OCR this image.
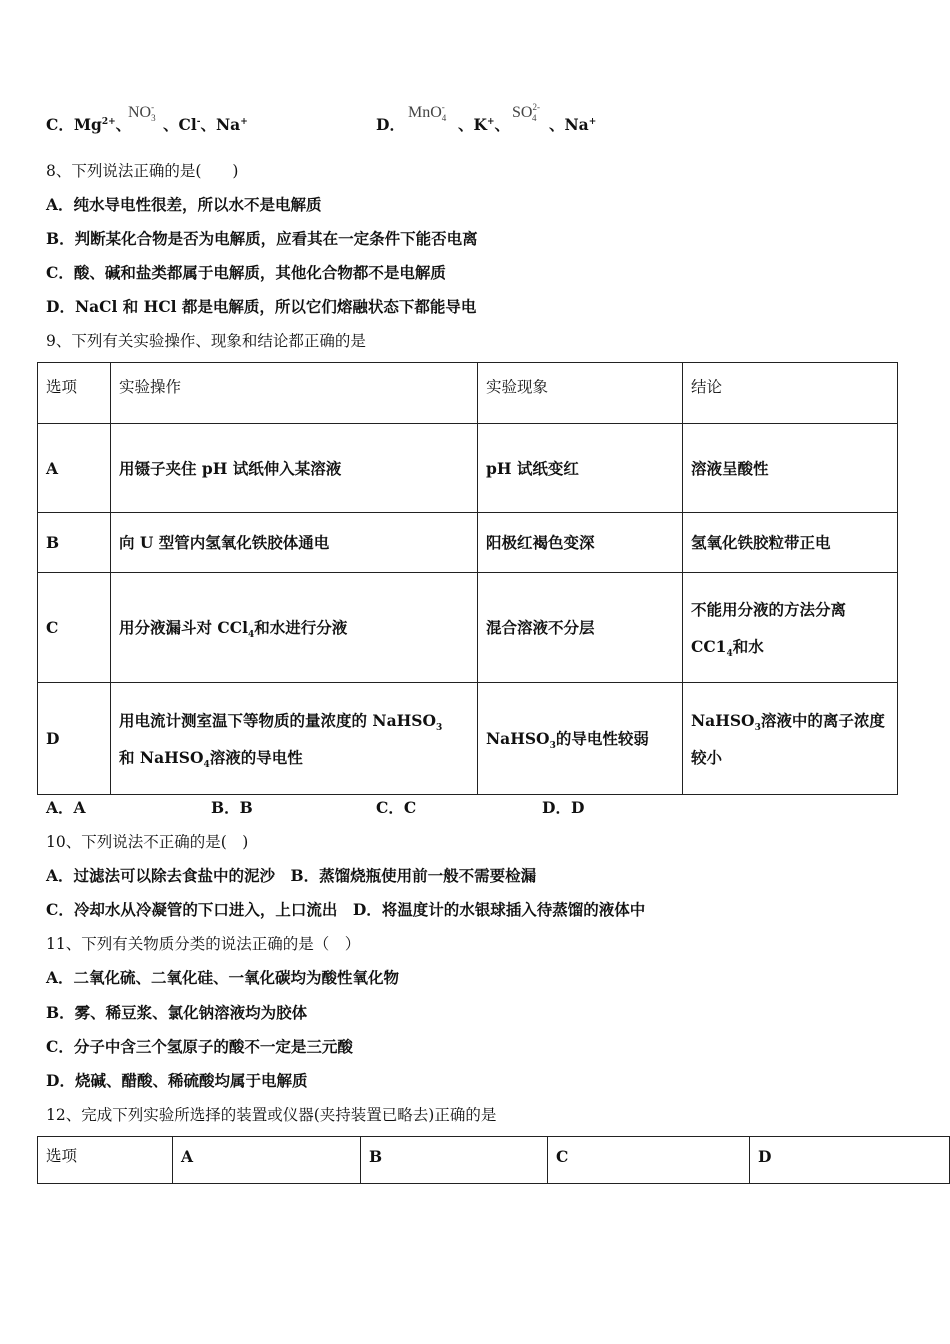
C．$Mg^{2+}$、
$NO^-_3$ 、Cl-、Na+	D．
MnO-$_4$ 、K+、
$SO^{2-}_4$ 、Na+
8、下列说法正确的是(　　)
A．纯水导电性很差，所以水不是电解质
B．判断某化合物是否为电解质，应看其在一定条件下能否电离
C．酸、碱和盐类都属于电解质，其他化合物都不是电解质
D．NaCl 和 HCl 都是电解质，所以它们熔融状态下都能导电
9、下列有关实验操作、现象和结论都正确的是
选项	实验操作	实验现象	结论
A	用镊子夹住 pH 试纸伸入某溶液	pH 试纸变红	溶液呈酸性
B	向 U 型管内氢氧化铁胶体通电	阳极红褐色变深	氢氧化铁胶粒带正电
C	用分液漏斗对 CCl$_4$和水进行分液	混合溶液不分层	不能用分液的方法分离
$CC1_4$和水

D	用电流计测室温下等物质的量浓度的 NaHSO$_3$
和 NaHSO$_4$溶液的导电性	NaHSO$_3$的导电性较弱	NaHSO$_3$溶液中的离子浓度
较小
A．A	B．B	C．C	D．D
10、下列说法不正确的是(　)
A．过滤法可以除去食盐中的泥沙　B．蒸馏烧瓶使用前一般不需要检漏
C．冷却水从冷凝管的下口进入，上口流出　D．将温度计的水银球插入待蒸馏的液体中
11、下列有关物质分类的说法正确的是（　）
A．二氧化硫、二氧化硅、一氧化碳均为酸性氧化物
B．雾、稀豆浆、氯化钠溶液均为胶体
C．分子中含三个氢原子的酸不一定是三元酸
D．烧碱、醋酸、稀硫酸均属于电解质
12、完成下列实验所选择的装置或仪器(夹持装置已略去)正确的是
选项	A	B	C	D
